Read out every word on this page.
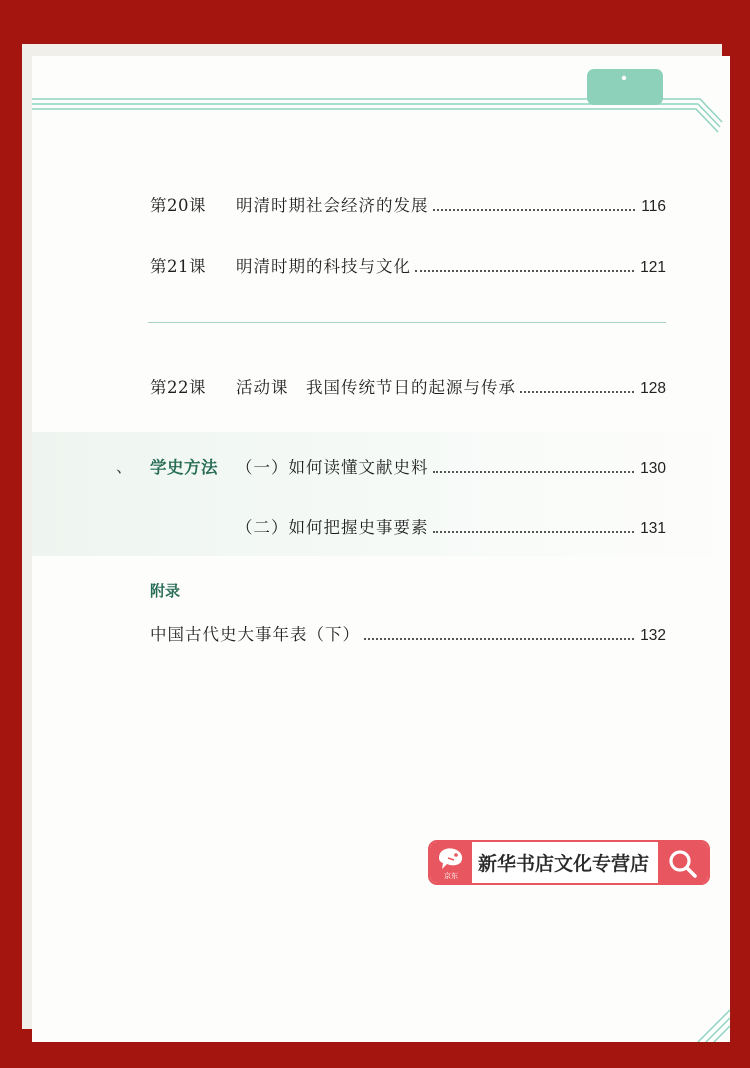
第20课	明清时期社会经济的发展	116
第21课	明清时期的科技与文化	121
第22课	活动课　我国传统节日的起源与传承	128
、 学史方法	（一）如何读懂文献史料	130
（二）如何把握史事要素	131
附录
中国古代史大事年表（下）	132
京东
新华书店文化专营店
